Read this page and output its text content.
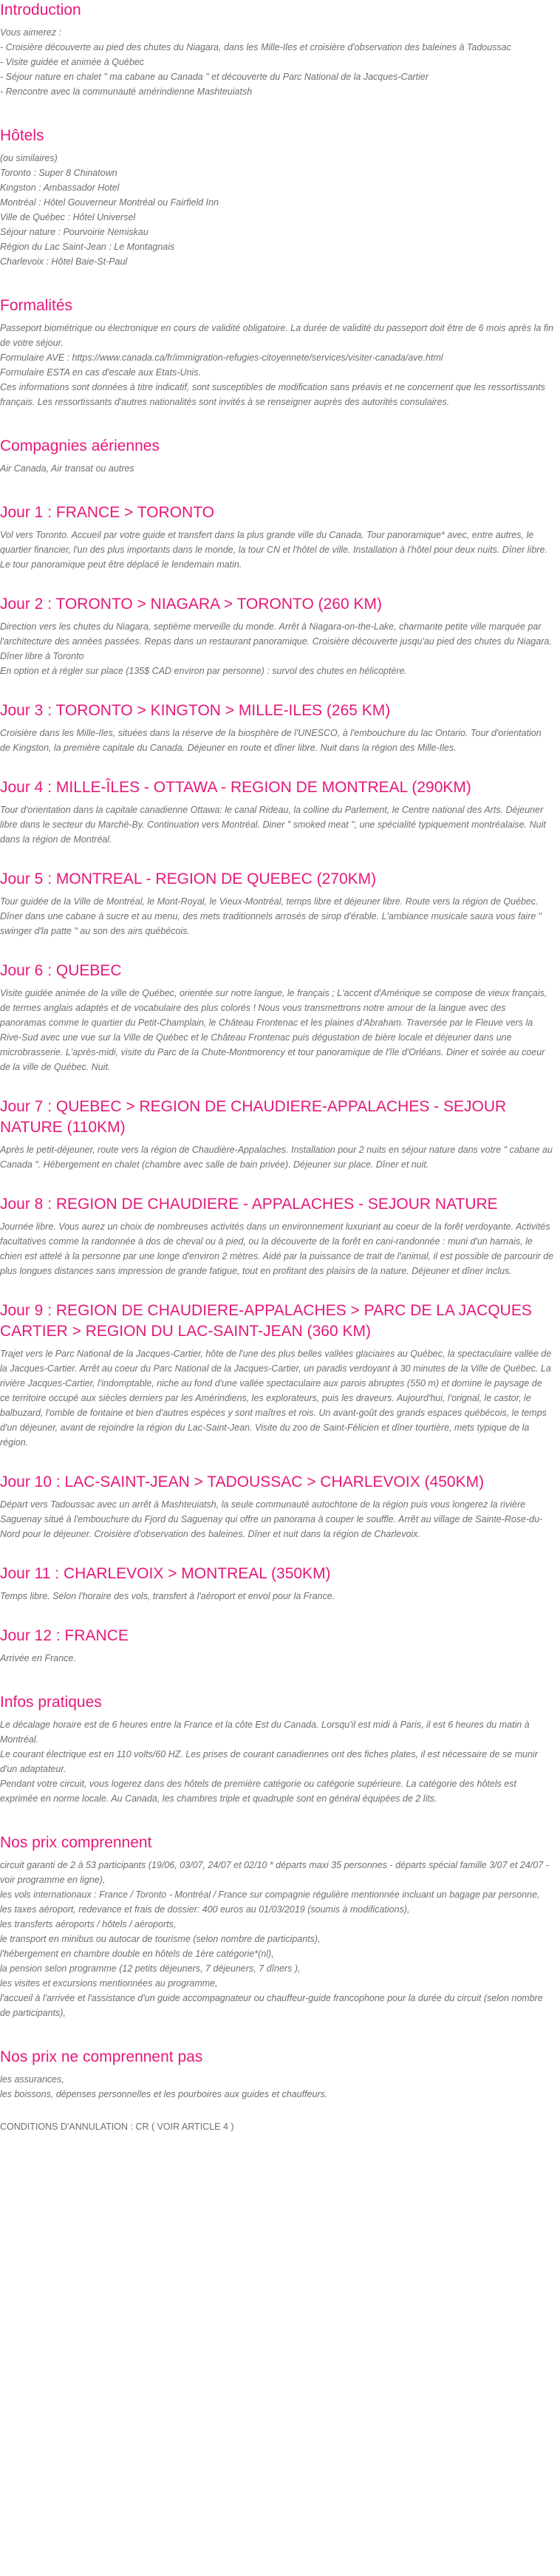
Introduction
Vous aimerez :
- Croisière découverte au pied des chutes du Niagara, dans les Mille-Iles et croisière d'observation des baleines à Tadoussac
- Visite guidée et animée à Québec
- Séjour nature en chalet " ma cabane au Canada " et découverte du Parc National de la Jacques-Cartier
- Rencontre avec la communauté amérindienne Mashteuiatsh
Hôtels
(ou similaires)
Toronto : Super 8 Chinatown
Kingston : Ambassador Hotel
Montréal : Hôtel Gouverneur Montréal ou Fairfield Inn
Ville de Québec : Hôtel Universel
Séjour nature : Pourvoirie Nemiskau
Région du Lac Saint-Jean : Le Montagnais
Charlevoix : Hôtel Baie-St-Paul
Formalités
Passeport biométrique ou électronique en cours de validité obligatoire. La durée de validité du passeport doit être de 6 mois après la fin de votre séjour.
Formulaire AVE : https://www.canada.ca/fr/immigration-refugies-citoyennete/services/visiter-canada/ave.html
Formulaire ESTA en cas d'escale aux Etats-Unis.
Ces informations sont données à titre indicatif, sont susceptibles de modification sans préavis et ne concernent que les ressortissants français. Les ressortissants d'autres nationalités sont invités à se renseigner auprès des autorités consulaires.
Compagnies aériennes
Air Canada, Air transat ou autres
Jour 1 : FRANCE > TORONTO
Vol vers Toronto. Accueil par votre guide et transfert dans la plus grande ville du Canada. Tour panoramique* avec, entre autres, le quartier financier, l'un des plus importants dans le monde, la tour CN et l'hôtel de ville. Installation à l'hôtel pour deux nuits. Dîner libre.
Le tour panoramique peut être déplacé le lendemain matin.
Jour 2 : TORONTO > NIAGARA > TORONTO (260 KM)
Direction vers les chutes du Niagara, septième merveille du monde. Arrêt à Niagara-on-the-Lake, charmante petite ville marquée par l'architecture des années passées. Repas dans un restaurant panoramique. Croisière découverte jusqu'au pied des chutes du Niagara. Dîner libre à Toronto
En option et à régler sur place (135$ CAD environ par personne) : survol des chutes en hélicoptère.
Jour 3 : TORONTO > KINGTON > MILLE-ILES (265 KM)
Croisière dans les Mille-Iles, situées dans la réserve de la biosphère de l'UNESCO, à l'embouchure du lac Ontario. Tour d'orientation de Kingston, la première capitale du Canada. Déjeuner en route et dîner libre. Nuit dans la région des Mille-Iles.
Jour 4 : MILLE-ÎLES - OTTAWA - REGION DE MONTREAL (290KM)
Tour d'orientation dans la capitale canadienne Ottawa: le canal Rideau, la colline du Parlement, le Centre national des Arts. Déjeuner libre dans le secteur du Marché-By. Continuation vers Montréal. Diner " smoked meat ", une spécialité typiquement montréalaise. Nuit dans la région de Montréal.
Jour 5 : MONTREAL - REGION DE QUEBEC (270KM)
Tour guidée de la Ville de Montréal, le Mont-Royal, le Vieux-Montréal, temps libre et déjeuner libre. Route vers la région de Québec. Dîner dans une cabane à sucre et au menu, des mets traditionnels arrosés de sirop d'érable. L'ambiance musicale saura vous faire " swinger d'la patte " au son des airs québécois.
Jour 6 : QUEBEC
Visite guidée animée de la ville de Québec, orientée sur notre langue, le français ; L'accent d'Amérique se compose de vieux français, de termes anglais adaptés et de vocabulaire des plus colorés ! Nous vous transmettrons notre amour de la langue avec des panoramas comme le quartier du Petit-Champlain, le Château Frontenac et les plaines d'Abraham. Traversée par le Fleuve vers la Rive-Sud avec une vue sur la Ville de Québec et le Château Frontenac puis dégustation de bière locale et déjeuner dans une microbrasserie. L'après-midi, visite du Parc de la Chute-Montmorency et tour panoramique de l'île d'Orléans. Diner et soirée au coeur de la ville de Québec. Nuit.
Jour 7 : QUEBEC > REGION DE CHAUDIERE-APPALACHES - SEJOUR NATURE (110KM)
Après le petit-déjeuner, route vers la région de Chaudière-Appalaches. Installation pour 2 nuits en séjour nature dans votre " cabane au Canada ". Hébergement en chalet (chambre avec salle de bain privée). Déjeuner sur place. Dîner et nuit.
Jour 8 : REGION DE CHAUDIERE - APPALACHES - SEJOUR NATURE
Journée libre. Vous aurez un choix de nombreuses activités dans un environnement luxuriant au coeur de la forêt verdoyante. Activités facultatives comme la randonnée à dos de cheval ou à pied, ou la découverte de la forêt en cani-randonnée : muni d'un harnais, le chien est attelé à la personne par une longe d'environ 2 mètres. Aidé par la puissance de trait de l'animal, il est possible de parcourir de plus longues distances sans impression de grande fatigue, tout en profitant des plaisirs de la nature. Déjeuner et dîner inclus.
Jour 9 : REGION DE CHAUDIERE-APPALACHES > PARC DE LA JACQUES CARTIER > REGION DU LAC-SAINT-JEAN (360 KM)
Trajet vers le Parc National de la Jacques-Cartier, hôte de l'une des plus belles vallées glaciaires au Québec, la spectaculaire vallée de la Jacques-Cartier. Arrêt au coeur du Parc National de la Jacques-Cartier, un paradis verdoyant à 30 minutes de la Ville de Québec. La rivière Jacques-Cartier, l'indomptable, niche au fond d'une vallée spectaculaire aux parois abruptes (550 m) et domine le paysage de ce territoire occupé aux siècles derniers par les Amérindiens, les explorateurs, puis les draveurs. Aujourd'hui, l'orignal, le castor, le balbuzard, l'omble de fontaine et bien d'autres espèces y sont maîtres et rois. Un avant-goût des grands espaces québécois, le temps d'un déjeuner, avant de rejoindre la région du Lac-Saint-Jean. Visite du zoo de Saint-Félicien et dîner tourtière, mets typique de la région.
Jour 10 : LAC-SAINT-JEAN > TADOUSSAC > CHARLEVOIX (450KM)
Départ vers Tadoussac avec un arrêt à Mashteuiatsh, la seule communauté autochtone de la région puis vous longerez la rivière Saguenay situé à l'embouchure du Fjord du Saguenay qui offre un panorama à couper le souffle. Arrêt au village de Sainte-Rose-du-Nord pour le déjeuner. Croisière d'observation des baleines. Dîner et nuit dans la région de Charlevoix.
Jour 11 : CHARLEVOIX > MONTREAL (350KM)
Temps libre. Selon l'horaire des vols, transfert à l'aéroport et envol pour la France.
Jour 12 : FRANCE
Arrivée en France.
Infos pratiques
Le décalage horaire est de 6 heures entre la France et la côte Est du Canada. Lorsqu'il est midi à Paris, il est 6 heures du matin à Montréal.
Le courant électrique est en 110 volts/60 HZ. Les prises de courant canadiennes ont des fiches plates, il est nécessaire de se munir d'un adaptateur.
Pendant votre circuit, vous logerez dans des hôtels de première catégorie ou catégorie supérieure. La catégorie des hôtels est exprimée en norme locale. Au Canada, les chambres triple et quadruple sont en général équipées de 2 lits.
Nos prix comprennent
circuit garanti de 2 à 53 participants (19/06, 03/07, 24/07 et 02/10 * départs maxi 35 personnes - départs spécial famille 3/07 et 24/07 - voir programme en ligne),
les vols internationaux : France / Toronto - Montréal / France sur compagnie régulière mentionnée incluant un bagage par personne,
les taxes aéroport, redevance et frais de dossier: 400 euros au 01/03/2019 (soumis à modifications),
les transferts aéroports / hôtels / aéroports,
le transport en minibus ou autocar de tourisme (selon nombre de participants),
l'hébergement en chambre double en hôtels de 1ère catégorie*(nl),
la pension selon programme (12 petits déjeuners, 7 déjeuners, 7 dîners ),
les visites et excursions mentionnées au programme,
l'accueil à l'arrivée et l'assistance d'un guide accompagnateur ou chauffeur-guide francophone pour la durée du circuit (selon nombre de participants),
Nos prix ne comprennent pas
les assurances,
les boissons, dépenses personnelles et les pourboires aux guides et chauffeurs.
CONDITIONS D'ANNULATION : CR ( VOIR ARTICLE 4 )
